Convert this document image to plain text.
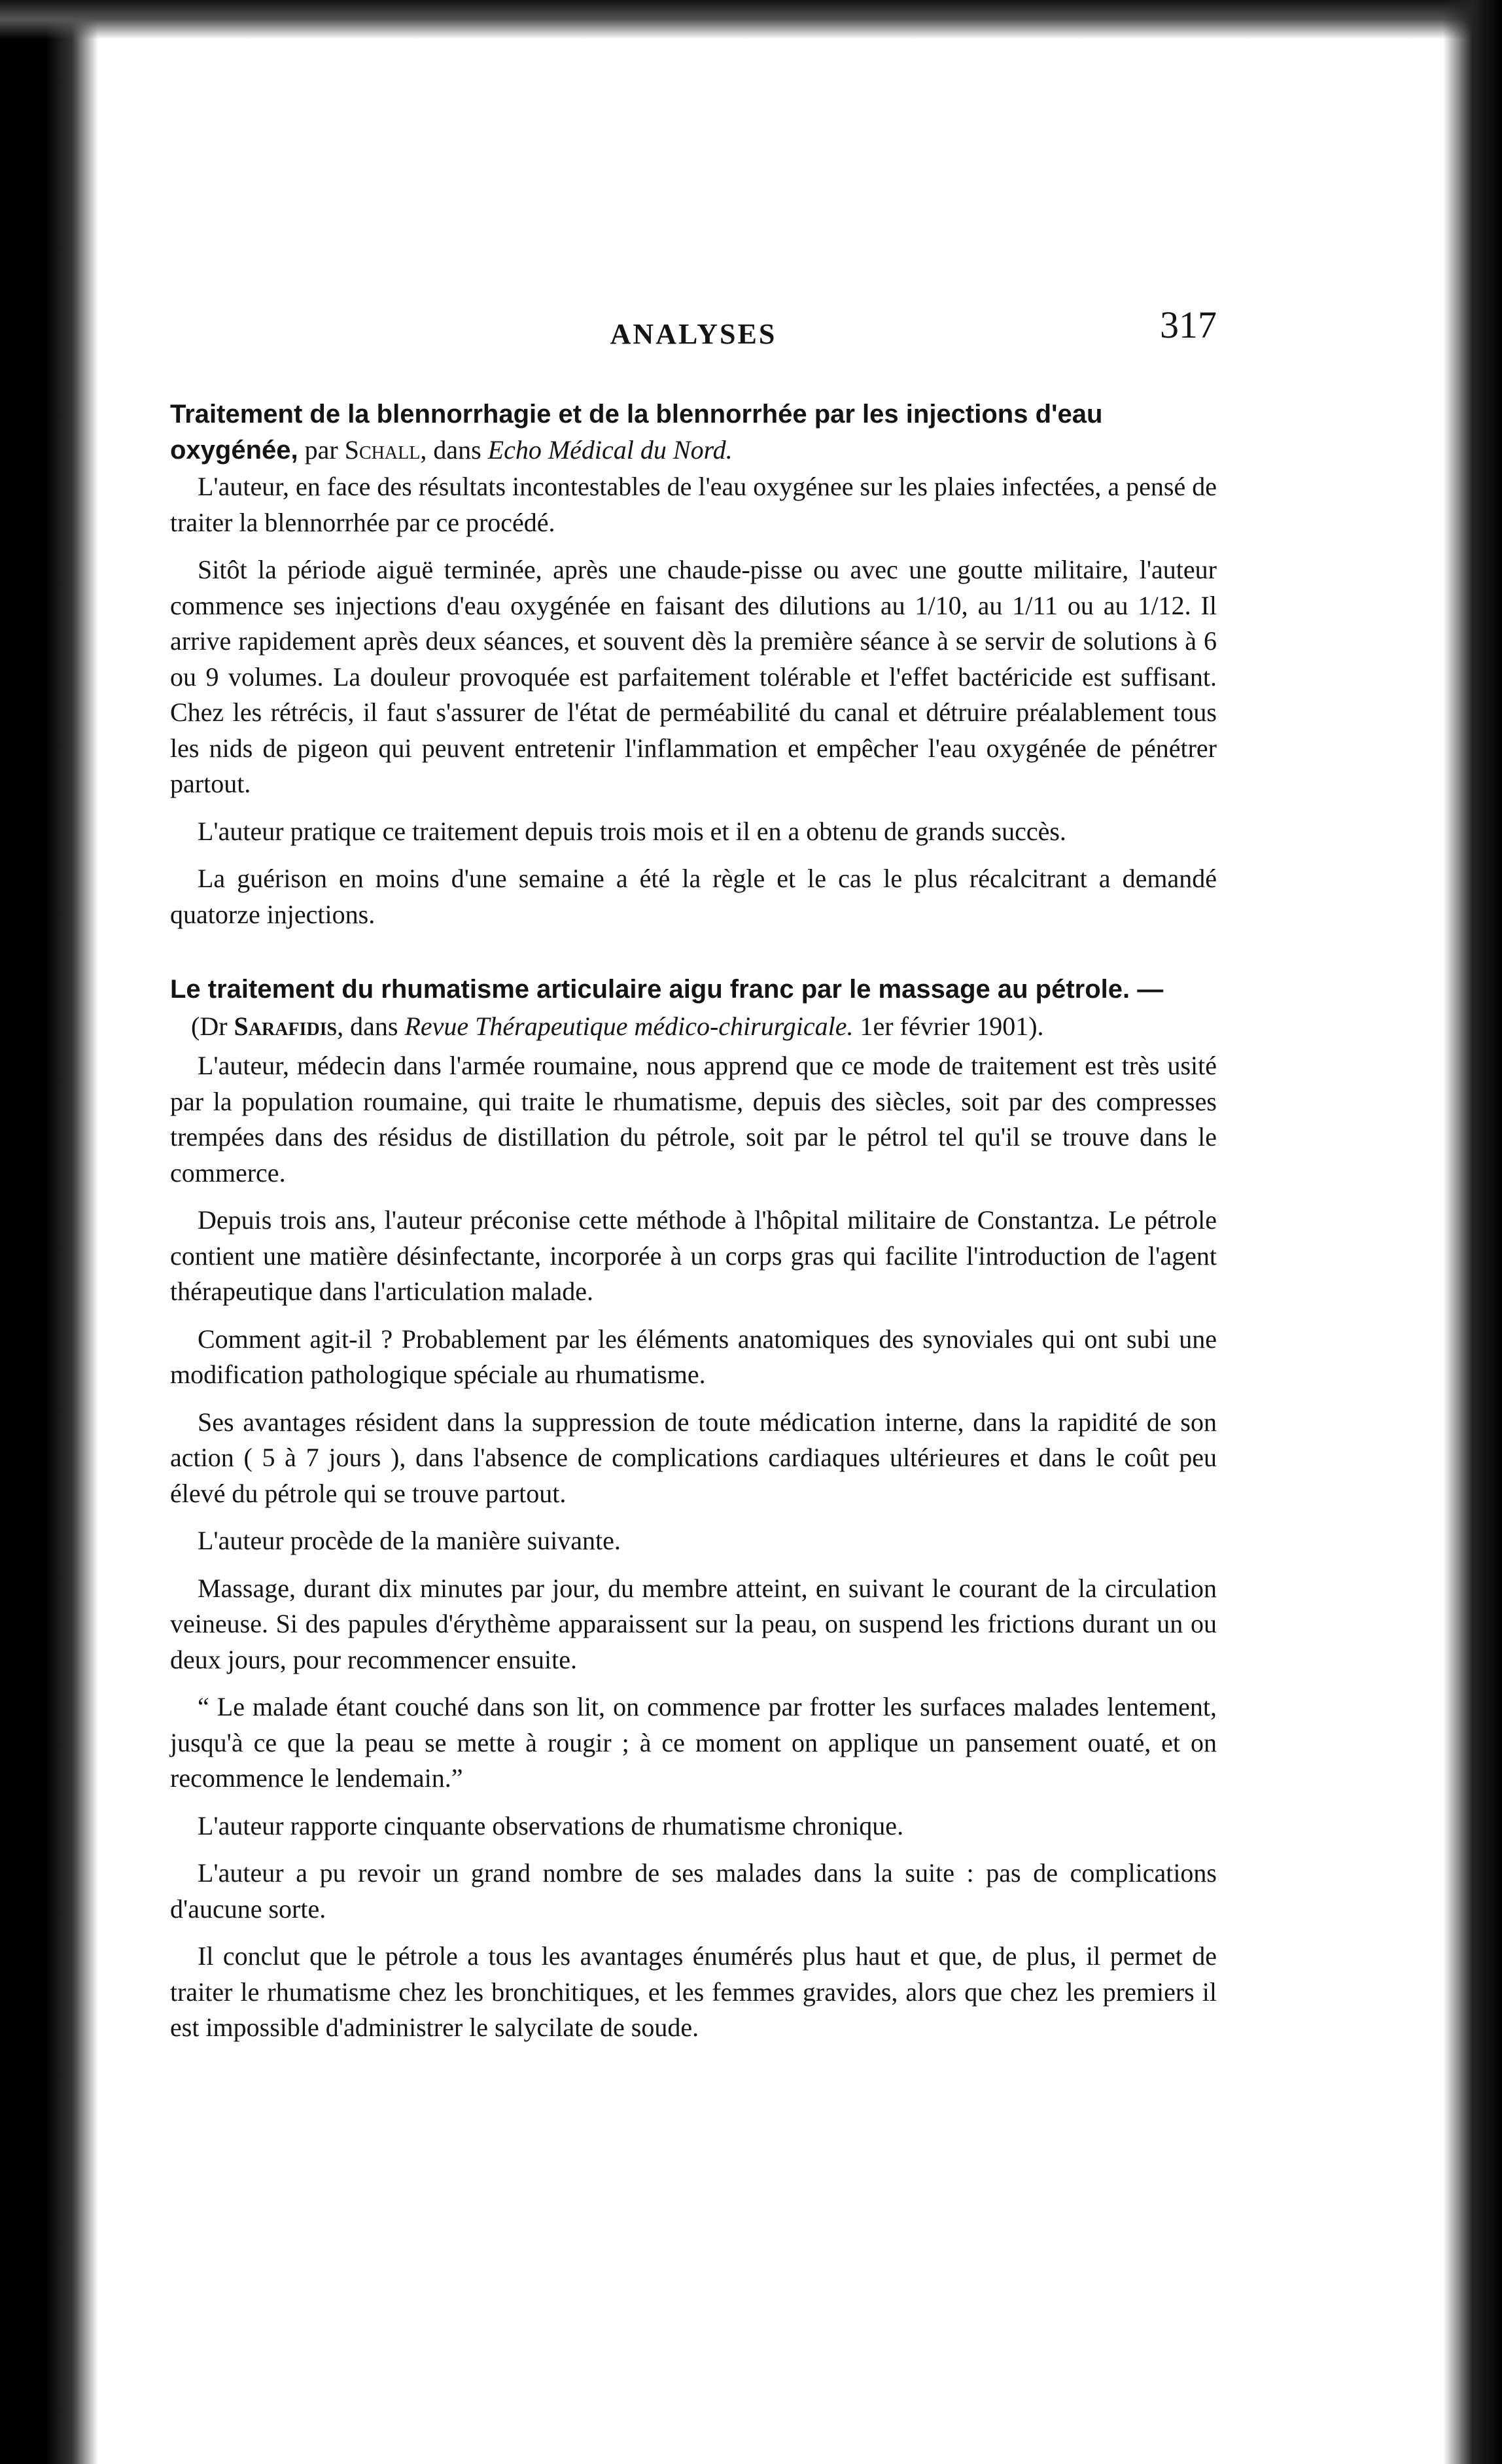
ANALYSES	317
Traitement de la blennorrhagie et de la blennorrhée par les injections d'eau oxygénée, par Schall, dans Echo Médical du Nord.

L'auteur, en face des résultats incontestables de l'eau oxygénee sur les plaies infectées, a pensé de traiter la blennorrhée par ce procédé.

Sitôt la période aiguë terminée, après une chaude-pisse ou avec une goutte militaire, l'auteur commence ses injections d'eau oxygénée en faisant des dilutions au 1/10, au 1/11 ou au 1/12. Il arrive rapidement après deux séances, et souvent dès la première séance à se servir de solutions à 6 ou 9 volumes. La douleur provoquée est parfaitement tolérable et l'effet bactéricide est suffisant. Chez les rétrécis, il faut s'assurer de l'état de perméabilité du canal et détruire préalablement tous les nids de pigeon qui peuvent entretenir l'inflammation et empêcher l'eau oxygénée de pénétrer partout.

L'auteur pratique ce traitement depuis trois mois et il en a obtenu de grands succès.

La guérison en moins d'une semaine a été la règle et le cas le plus récalcitrant a demandé quatorze injections.

Le traitement du rhumatisme articulaire aigu franc par le massage au pétrole. —
(Dr Sarafidis, dans Revue Thérapeutique médico-chirurgicale. 1er février 1901).

L'auteur, médecin dans l'armée roumaine, nous apprend que ce mode de traitement est très usité par la population roumaine, qui traite le rhumatisme, depuis des siècles, soit par des compresses trempées dans des résidus de distillation du pétrole, soit par le pétrol tel qu'il se trouve dans le commerce.

Depuis trois ans, l'auteur préconise cette méthode à l'hôpital militaire de Constantza. Le pétrole contient une matière désinfectante, incorporée à un corps gras qui facilite l'introduction de l'agent thérapeutique dans l'articulation malade.

Comment agit-il ? Probablement par les éléments anatomiques des synoviales qui ont subi une modification pathologique spéciale au rhumatisme.

Ses avantages résident dans la suppression de toute médication interne, dans la rapidité de son action ( 5 à 7 jours ), dans l'absence de complications cardiaques ultérieures et dans le coût peu élevé du pétrole qui se trouve partout.

L'auteur procède de la manière suivante.

Massage, durant dix minutes par jour, du membre atteint, en suivant le courant de la circulation veineuse. Si des papules d'érythème apparaissent sur la peau, on suspend les frictions durant un ou deux jours, pour recommencer ensuite.

“ Le malade étant couché dans son lit, on commence par frotter les surfaces malades lentement, jusqu'à ce que la peau se mette à rougir ; à ce moment on applique un pansement ouaté, et on recommence le lendemain.”

L'auteur rapporte cinquante observations de rhumatisme chronique.

L'auteur a pu revoir un grand nombre de ses malades dans la suite : pas de complications d'aucune sorte.

Il conclut que le pétrole a tous les avantages énumérés plus haut et que, de plus, il permet de traiter le rhumatisme chez les bronchitiques, et les femmes gravides, alors que chez les premiers il est impossible d'administrer le salycilate de soude.
